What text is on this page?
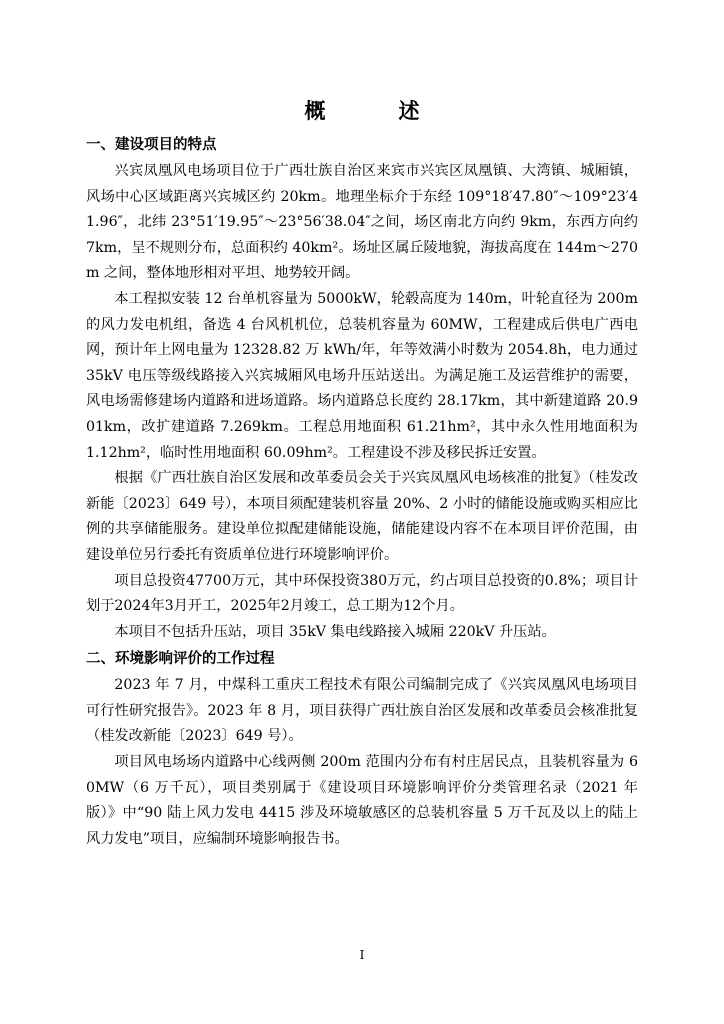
概　述

一、建设项目的特点

兴宾凤凰风电场项目位于广西壮族自治区来宾市兴宾区凤凰镇、大湾镇、城厢镇，风场中心区域距离兴宾城区约 20km。地理坐标介于东经 109°18′47.80″～109°23′41.96″，北纬 23°51′19.95″～23°56′38.04″之间，场区南北方向约 9km，东西方向约 7km，呈不规则分布，总面积约 40km²。场址区属丘陵地貌，海拔高度在 144m～270m 之间，整体地形相对平坦、地势较开阔。

本工程拟安装 12 台单机容量为 5000kW，轮毂高度为 140m，叶轮直径为 200m 的风力发电机组，备选 4 台风机机位，总装机容量为 60MW，工程建成后供电广西电网，预计年上网电量为 12328.82 万 kWh/年，年等效满小时数为 2054.8h，电力通过 35kV 电压等级线路接入兴宾城厢风电场升压站送出。为满足施工及运营维护的需要，风电场需修建场内道路和进场道路。场内道路总长度约 28.17km，其中新建道路 20.901km，改扩建道路 7.269km。工程总用地面积 61.21hm²，其中永久性用地面积为 1.12hm²，临时性用地面积 60.09hm²。工程建设不涉及移民拆迁安置。

根据《广西壮族自治区发展和改革委员会关于兴宾凤凰风电场核准的批复》（桂发改新能〔2023〕649 号），本项目须配建装机容量 20%、2 小时的储能设施或购买相应比例的共享储能服务。建设单位拟配建储能设施，储能建设内容不在本项目评价范围，由建设单位另行委托有资质单位进行环境影响评价。

项目总投资47700万元，其中环保投资380万元，约占项目总投资的0.8%；项目计划于2024年3月开工，2025年2月竣工，总工期为12个月。

本项目不包括升压站，项目 35kV 集电线路接入城厢 220kV 升压站。

二、环境影响评价的工作过程

2023 年 7 月，中煤科工重庆工程技术有限公司编制完成了《兴宾凤凰风电场项目可行性研究报告》。2023 年 8 月，项目获得广西壮族自治区发展和改革委员会核准批复（桂发改新能〔2023〕649 号）。

项目风电场场内道路中心线两侧 200m 范围内分布有村庄居民点，且装机容量为 60MW（6 万千瓦），项目类别属于《建设项目环境影响评价分类管理名录（2021 年版）》中“90 陆上风力发电 4415 涉及环境敏感区的总装机容量 5 万千瓦及以上的陆上风力发电”项目，应编制环境影响报告书。

I
